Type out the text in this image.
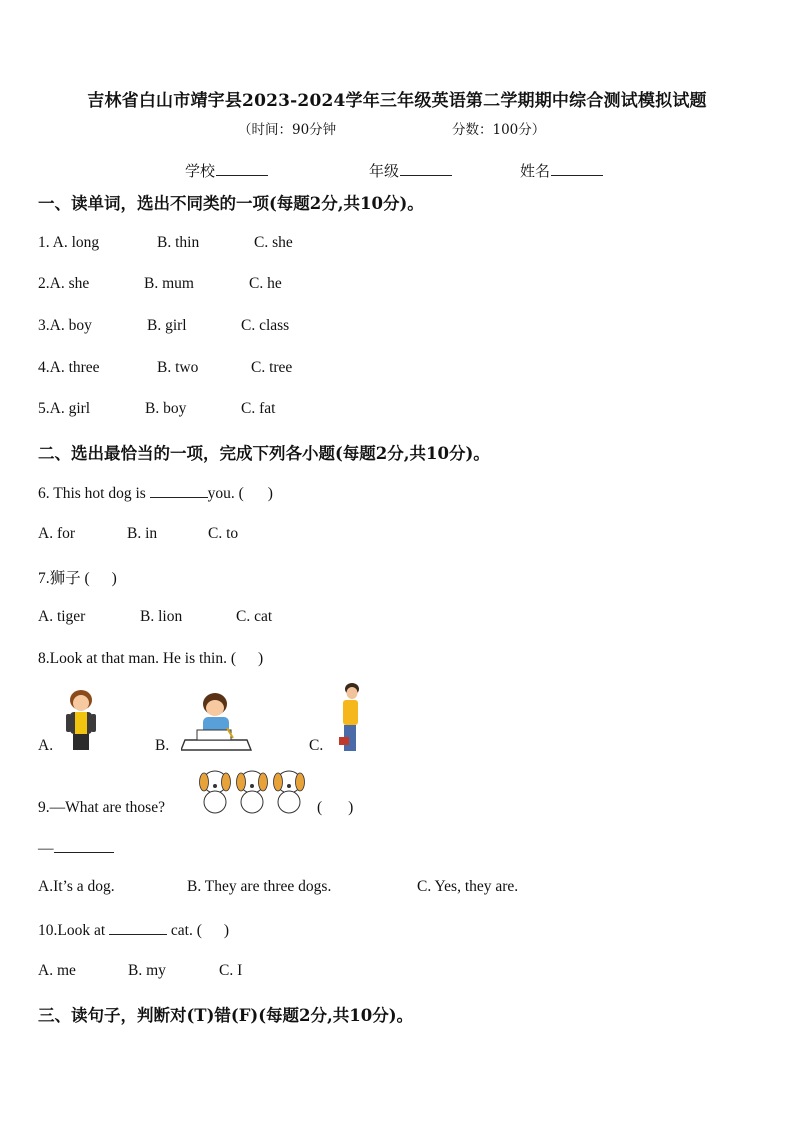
吉林省白山市靖宇县2023-2024学年三年级英语第二学期期中综合测试模拟试题
（时间：90分钟	分数：100分）
学校	年级	姓名
一、读单词，选出不同类的一项(每题2分,共10分)。
1. A. long	B. thin	C. she
2.A. she	B. mum	C. he
3.A. boy	B. girl	C. class
4.A. three	B. two	C. tree
5.A. girl	B. boy	C. fat
二、选出最恰当的一项，完成下列各小题(每题2分,共10分)。
6. This hot dog is	you. ( )
A. for	B. in	C. to
7.狮子 ( )
A. tiger	B. lion	C. cat
8.Look at that man. He is thin. ( )
A.	B.	C.
9.—What are those?	( )
—
A.It’s a dog.	B. They are three dogs.	C. Yes, they are.
10.Look at	cat. ( )
A. me	B. my	C. I
三、读句子，判断对(T)错(F)(每题2分,共10分)。
